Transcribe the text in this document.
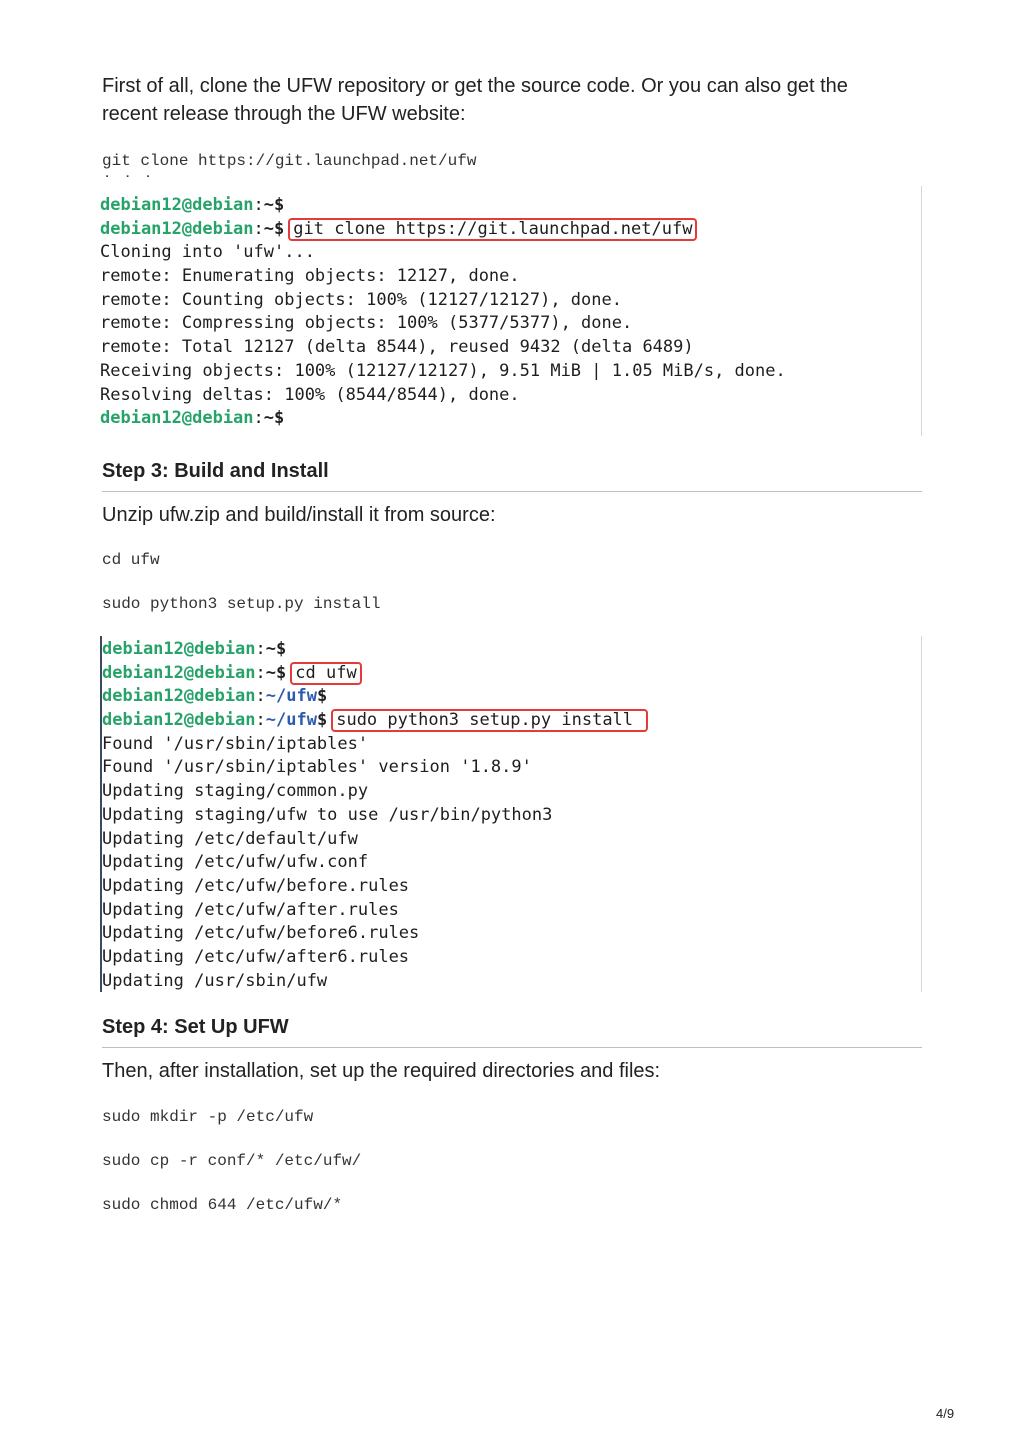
First of all, clone the UFW repository or get the source code. Or you can also get the recent release through the UFW website:

git clone https://git.launchpad.net/ufw
˙ ˙ ˙
debian12@debian : ~$
debian12@debian : ~$ git clone https://git.launchpad.net/ufw
Cloning into 'ufw'...
remote: Enumerating objects: 12127, done.
remote: Counting objects: 100% (12127/12127), done.
remote: Compressing objects: 100% (5377/5377), done.
remote: Total 12127 (delta 8544), reused 9432 (delta 6489)
Receiving objects: 100% (12127/12127), 9.51 MiB | 1.05 MiB/s, done.
Resolving deltas: 100% (8544/8544), done.
debian12@debian : ~$
Step 3: Build and Install

Unzip ufw.zip and build/install it from source:

cd ufw
sudo python3 setup.py install
debian12@debian : ~$
debian12@debian : ~$ cd ufw
debian12@debian : ~/ufw $
debian12@debian : ~/ufw $ sudo python3 setup.py install
Found '/usr/sbin/iptables'
Found '/usr/sbin/iptables' version '1.8.9'
Updating staging/common.py
Updating staging/ufw to use /usr/bin/python3
Updating /etc/default/ufw
Updating /etc/ufw/ufw.conf
Updating /etc/ufw/before.rules
Updating /etc/ufw/after.rules
Updating /etc/ufw/before6.rules
Updating /etc/ufw/after6.rules
Updating /usr/sbin/ufw
Step 4: Set Up UFW

Then, after installation, set up the required directories and files:

sudo mkdir -p /etc/ufw
sudo cp -r conf/* /etc/ufw/
sudo chmod 644 /etc/ufw/*
4/9
